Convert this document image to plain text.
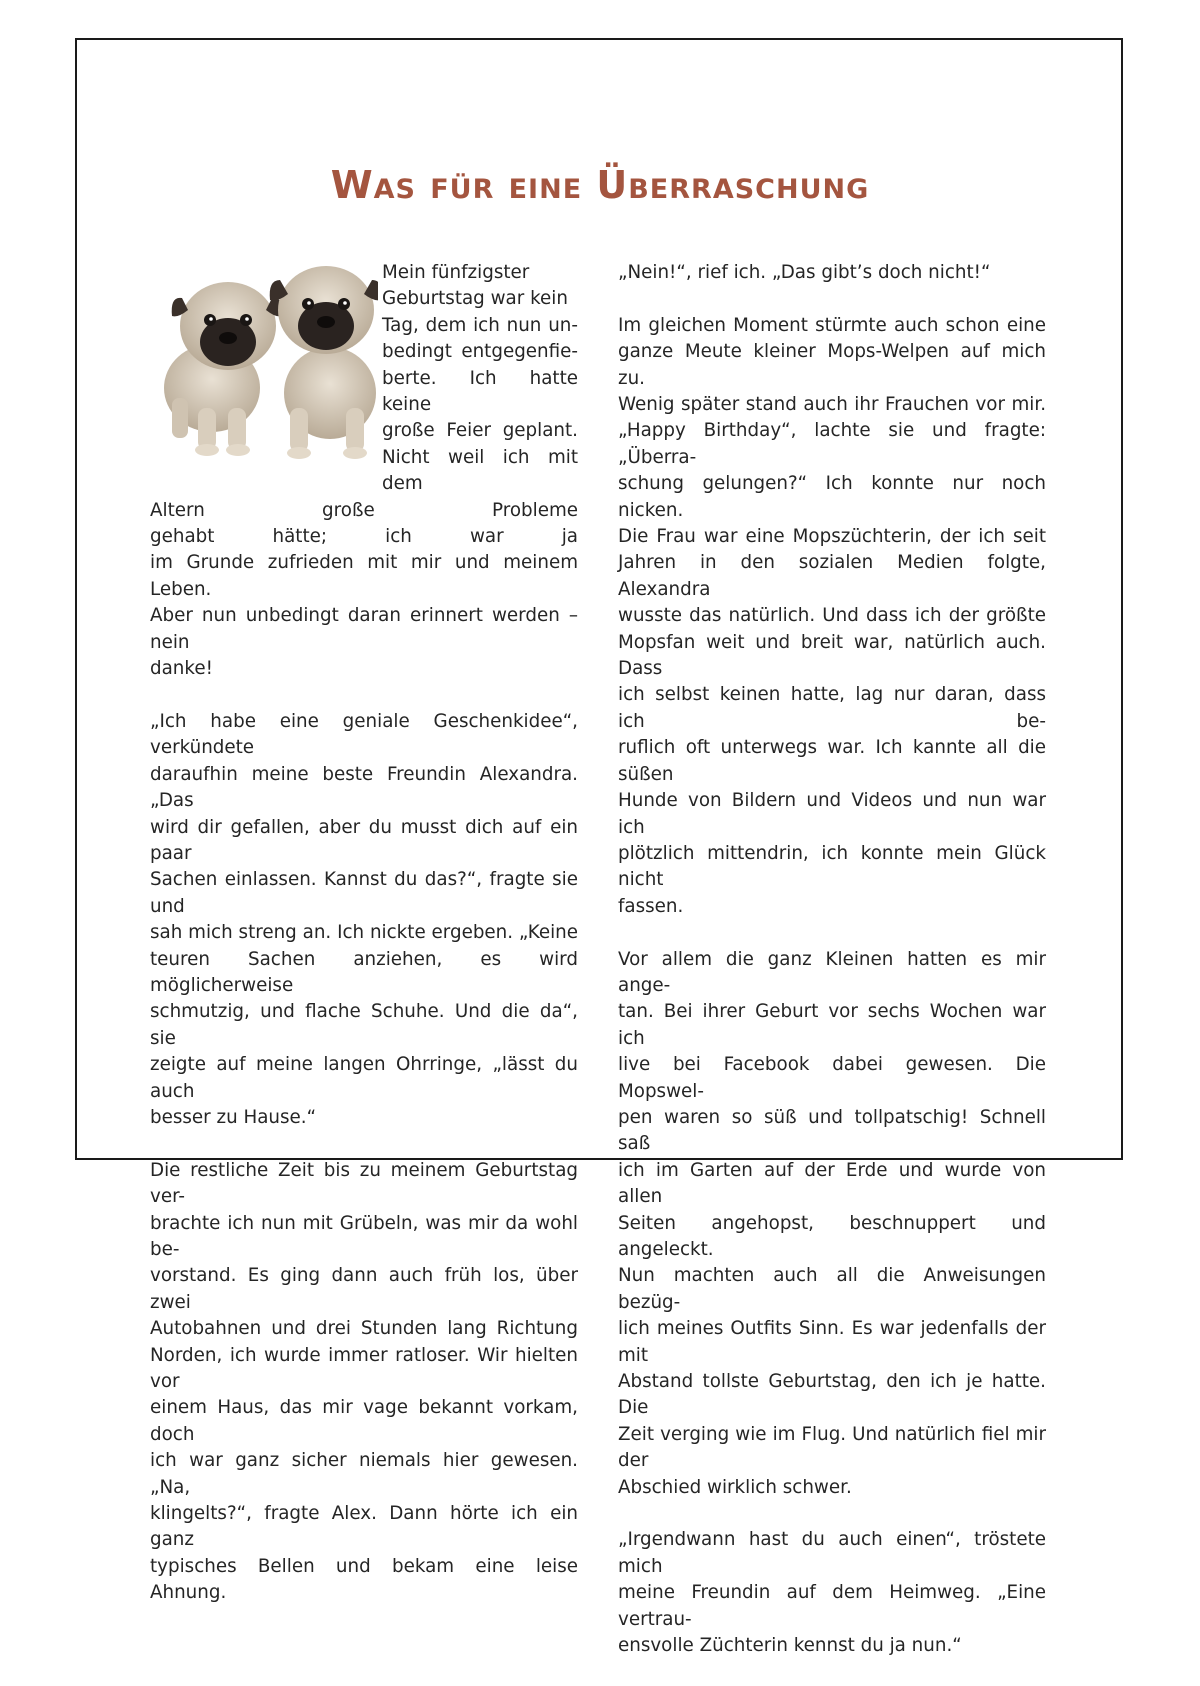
Was für eine Überraschung

Mein fünfzigster
Geburtstag war kein
Tag, dem ich nun un-
bedingt entgegenfie-
berte. Ich hatte keine
große Feier geplant.
Nicht weil ich mit dem
Altern große Probleme
gehabt hätte; ich war ja

im Grunde zufrieden mit mir und meinem Leben.
Aber nun unbedingt daran erinnert werden – nein
danke!

„Ich habe eine geniale Geschenkidee“, verkündete
daraufhin meine beste Freundin Alexandra. „Das
wird dir gefallen, aber du musst dich auf ein paar
Sachen einlassen. Kannst du das?“, fragte sie und
sah mich streng an. Ich nickte ergeben. „Keine
teuren Sachen anziehen, es wird möglicherweise
schmutzig, und flache Schuhe. Und die da“, sie
zeigte auf meine langen Ohrringe, „lässt du auch
besser zu Hause.“

Die restliche Zeit bis zu meinem Geburtstag ver-
brachte ich nun mit Grübeln, was mir da wohl be-
vorstand. Es ging dann auch früh los, über zwei
Autobahnen und drei Stunden lang Richtung
Norden, ich wurde immer ratloser. Wir hielten vor
einem Haus, das mir vage bekannt vorkam, doch
ich war ganz sicher niemals hier gewesen. „Na,
klingelts?“, fragte Alex. Dann hörte ich ein ganz
typisches Bellen und bekam eine leise Ahnung.

„Nein!“, rief ich. „Das gibt’s doch nicht!“

Im gleichen Moment stürmte auch schon eine
ganze Meute kleiner Mops-Welpen auf mich zu.
Wenig später stand auch ihr Frauchen vor mir.
„Happy Birthday“, lachte sie und fragte: „Überra-
schung gelungen?“ Ich konnte nur noch nicken.
Die Frau war eine Mopszüchterin, der ich seit
Jahren in den sozialen Medien folgte, Alexandra
wusste das natürlich. Und dass ich der größte
Mopsfan weit und breit war, natürlich auch. Dass
ich selbst keinen hatte, lag nur daran, dass ich be-
ruflich oft unterwegs war. Ich kannte all die süßen
Hunde von Bildern und Videos und nun war ich
plötzlich mittendrin, ich konnte mein Glück nicht
fassen.

Vor allem die ganz Kleinen hatten es mir ange-
tan. Bei ihrer Geburt vor sechs Wochen war ich
live bei Facebook dabei gewesen. Die Mopswel-
pen waren so süß und tollpatschig! Schnell saß
ich im Garten auf der Erde und wurde von allen
Seiten angehopst, beschnuppert und angeleckt.
Nun machten auch all die Anweisungen bezüg-
lich meines Outfits Sinn. Es war jedenfalls der mit
Abstand tollste Geburtstag, den ich je hatte. Die
Zeit verging wie im Flug. Und natürlich fiel mir der
Abschied wirklich schwer.

„Irgendwann hast du auch einen“, tröstete mich
meine Freundin auf dem Heimweg. „Eine vertrau-
ensvolle Züchterin kennst du ja nun.“
